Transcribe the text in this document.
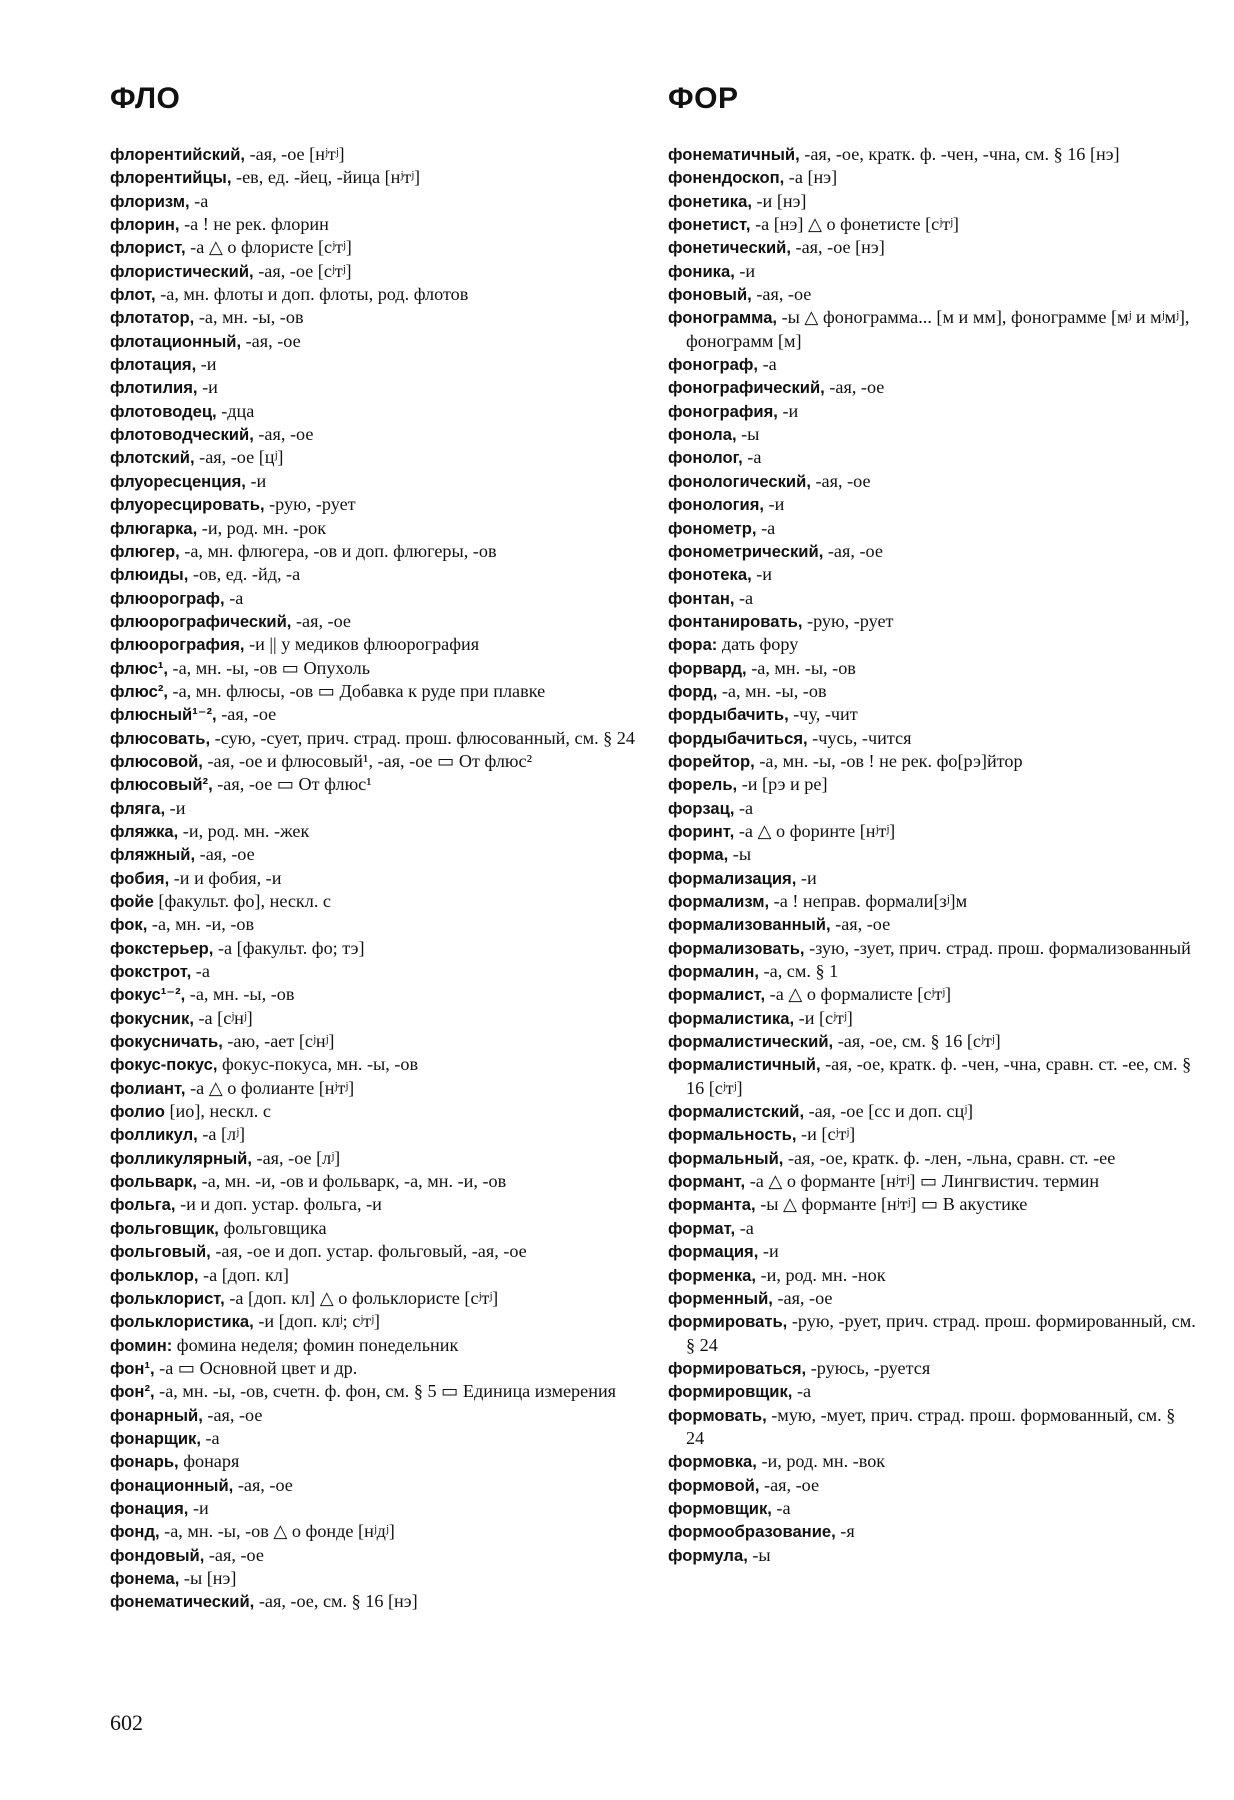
ФЛО	ФОР

флорентийский, -ая, -ое [нʲтʲ]

флорентийцы, -ев, ед. -йец, -йица [нʲтʲ]

флоризм, -а

флорин, -а ! не рек. флорин

флорист, -а △ о флористе [сʲтʲ]

флористический, -ая, -ое [сʲтʲ]

флот, -а, мн. флоты и доп. флоты, род. флотов

флотатор, -а, мн. -ы, -ов

флотационный, -ая, -ое

флотация, -и

флотилия, -и

флотоводец, -дца

флотоводческий, -ая, -ое

флотский, -ая, -ое [цʲ]

флуоресценция, -и

флуоресцировать, -рую, -рует

флюгарка, -и, род. мн. -рок

флюгер, -а, мн. флюгера, -ов и доп. флюгеры, -ов

флюиды, -ов, ед. -йд, -а

флюорограф, -а

флюорографический, -ая, -ое

флюорография, -и || у медиков флюорография

флюс¹, -а, мн. -ы, -ов ▭ Опухоль

флюс², -а, мн. флюсы, -ов ▭ Добавка к руде при плавке

флюсный¹⁻², -ая, -ое

флюсовать, -сую, -сует, прич. страд. прош. флюсованный, см. § 24

флюсовой, -ая, -ое и флюсовый¹, -ая, -ое ▭ От флюс²

флюсовый², -ая, -ое ▭ От флюс¹

фляга, -и

фляжка, -и, род. мн. -жек

фляжный, -ая, -ое

фобия, -и и фобия, -и

фойе [факульт. фо], нескл. с

фок, -а, мн. -и, -ов

фокстерьер, -а [факульт. фо; тэ]

фокстрот, -а

фокус¹⁻², -а, мн. -ы, -ов

фокусник, -а [сʲнʲ]

фокусничать, -аю, -ает [сʲнʲ]

фокус-покус, фокус-покуса, мн. -ы, -ов

фолиант, -а △ о фолианте [нʲтʲ]

фолио [ио], нескл. с

фолликул, -а [лʲ]

фолликулярный, -ая, -ое [лʲ]

фольварк, -а, мн. -и, -ов и фольварк, -а, мн. -и, -ов

фольга, -и и доп. устар. фольга, -и

фольговщик, фольговщика

фольговый, -ая, -ое и доп. устар. фольговый, -ая, -ое

фольклор, -а [доп. кл]

фольклорист, -а [доп. кл] △ о фольклористе [сʲтʲ]

фольклористика, -и [доп. клʲ; сʲтʲ]

фомин: фомина неделя; фомин понедельник

фон¹, -а ▭ Основной цвет и др.

фон², -а, мн. -ы, -ов, счетн. ф. фон, см. § 5 ▭ Единица измерения

фонарный, -ая, -ое

фонарщик, -а

фонарь, фонаря

фонационный, -ая, -ое

фонация, -и

фонд, -а, мн. -ы, -ов △ о фонде [нʲдʲ]

фондовый, -ая, -ое

фонема, -ы [нэ]

фонематический, -ая, -ое, см. § 16 [нэ]

фонематичный, -ая, -ое, кратк. ф. -чен, -чна, см. § 16 [нэ]

фонендоскоп, -а [нэ]

фонетика, -и [нэ]

фонетист, -а [нэ] △ о фонетисте [сʲтʲ]

фонетический, -ая, -ое [нэ]

фоника, -и

фоновый, -ая, -ое

фонограмма, -ы △ фонограмма... [м и мм], фонограмме [мʲ и мʲмʲ], фонограмм [м]

фонограф, -а

фонографический, -ая, -ое

фонография, -и

фонола, -ы

фонолог, -а

фонологический, -ая, -ое

фонология, -и

фонометр, -а

фонометрический, -ая, -ое

фонотека, -и

фонтан, -а

фонтанировать, -рую, -рует

фора: дать фору

форвард, -а, мн. -ы, -ов

форд, -а, мн. -ы, -ов

фордыбачить, -чу, -чит

фордыбачиться, -чусь, -чится

форейтор, -а, мн. -ы, -ов ! не рек. фо[рэ]йтор

форель, -и [рэ и ре]

форзац, -а

форинт, -а △ о форинте [нʲтʲ]

форма, -ы

формализация, -и

формализм, -а ! неправ. формали[зʲ]м

формализованный, -ая, -ое

формализовать, -зую, -зует, прич. страд. прош. формализованный

формалин, -а, см. § 1

формалист, -а △ о формалисте [сʲтʲ]

формалистика, -и [сʲтʲ]

формалистический, -ая, -ое, см. § 16 [сʲтʲ]

формалистичный, -ая, -ое, кратк. ф. -чен, -чна, сравн. ст. -ее, см. § 16 [сʲтʲ]

формалистский, -ая, -ое [сс и доп. сцʲ]

формальность, -и [сʲтʲ]

формальный, -ая, -ое, кратк. ф. -лен, -льна, сравн. ст. -ее

формант, -а △ о форманте [нʲтʲ] ▭ Лингвистич. термин

форманта, -ы △ форманте [нʲтʲ] ▭ В акустике

формат, -а

формация, -и

форменка, -и, род. мн. -нок

форменный, -ая, -ое

формировать, -рую, -рует, прич. страд. прош. формированный, см. § 24

формироваться, -руюсь, -руется

формировщик, -а

формовать, -мую, -мует, прич. страд. прош. формованный, см. § 24

формовка, -и, род. мн. -вок

формовой, -ая, -ое

формовщик, -а

формообразование, -я

формула, -ы

602
